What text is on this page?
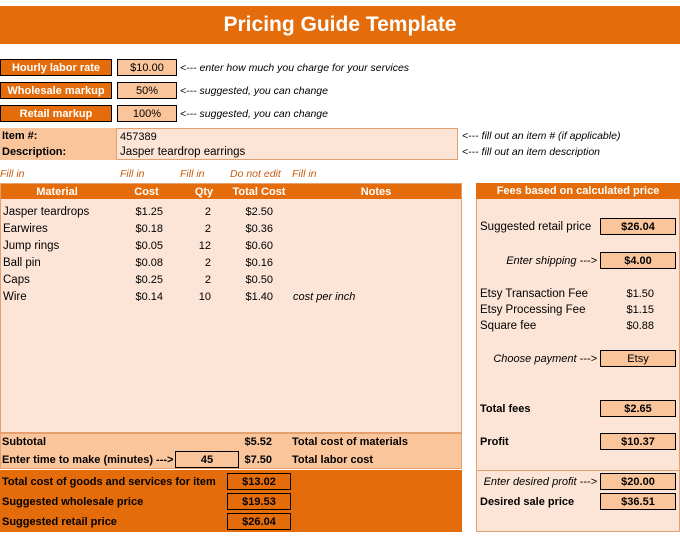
Pricing Guide Template
Hourly labor rate	$10.00	<--- enter how much you charge for your services
Wholesale markup	50%	<--- suggested, you can change
Retail markup	100%	<--- suggested, you can change
Item #:	457389	<--- fill out an item # (if applicable)
Description:	Jasper teardrop earrings	<--- fill out an item description
Fill in	Fill in	Fill in	Do not edit	Fill in
Material	Cost	Qty	Total Cost	Notes
Jasper teardrops	$1.25	2	$2.50
Earwires	$0.18	2	$0.36
Jump rings	$0.05	12	$0.60
Ball pin	$0.08	2	$0.16
Caps	$0.25	2	$0.50
Wire	$0.14	10	$1.40 cost per inch
Subtotal	$5.52 Total cost of materials
Enter time to make (minutes) --->	45	$7.50 Total labor cost
Total cost of goods and services for item	$13.02
Suggested wholesale price	$19.53
Suggested retail price	$26.04
Fees based on calculated price
Suggested retail price	$26.04
Enter shipping --->	$4.00
Etsy Transaction Fee	$1.50
Etsy Processing Fee	$1.15
Square fee	$0.88
Choose payment --->	Etsy
Total fees	$2.65
Profit	$10.37
Enter desired profit --->	$20.00
Desired sale price	$36.51
